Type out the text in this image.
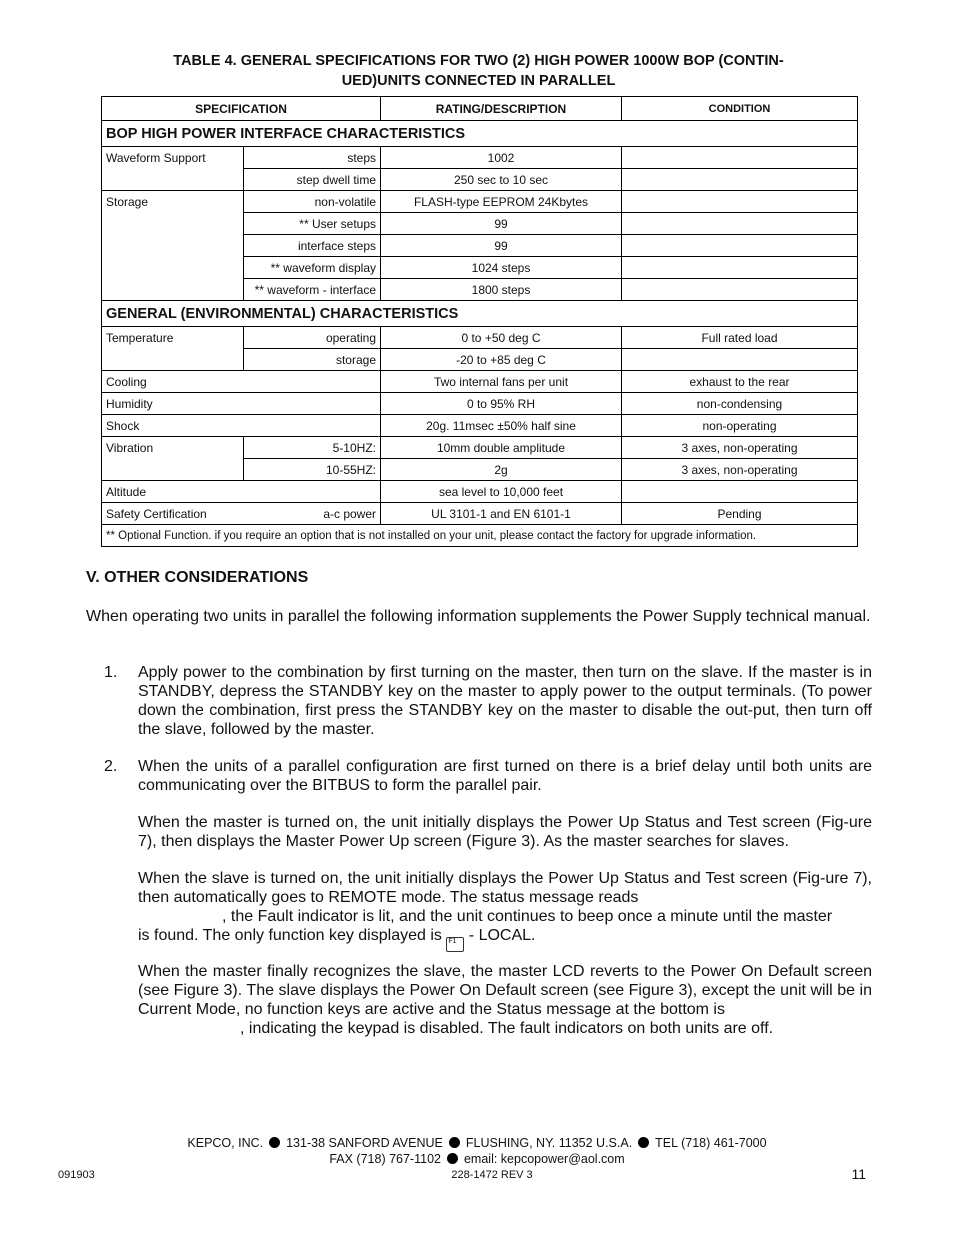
TABLE 4. GENERAL SPECIFICATIONS FOR TWO (2) HIGH POWER 1000W BOP (CONTIN-
UED)UNITS CONNECTED IN PARALLEL
SPECIFICATION		RATING/DESCRIPTION	CONDITION
BOP HIGH POWER INTERFACE CHARACTERISTICS			
Waveform Support	steps	1002	
	step dwell time	250 sec to 10 sec	
Storage	non-volatile	FLASH-type EEPROM 24Kbytes	
	** User setups	99	
	interface steps	99	
	** waveform display	1024 steps	
	** waveform - interface	1800 steps	
GENERAL (ENVIRONMENTAL) CHARACTERISTICS			
Temperature	operating	0 to +50 deg C	Full rated load
	storage	-20 to +85 deg C	
Cooling		Two internal fans per unit	exhaust to the rear
Humidity		0 to 95% RH	non-condensing
Shock		20g. 11msec ±50% half sine	non-operating
Vibration	5-10HZ:	10mm double amplitude	3 axes, non-operating
	10-55HZ:	2g	3 axes, non-operating
Altitude		sea level to 10,000 feet	
Safety Certification	a-c power	UL 3101-1 and EN 6101-1	Pending
** Optional Function. if you require an option that is not installed on your unit, please contact the factory for upgrade information.			
V. OTHER CONSIDERATIONS
When operating two units in parallel the following information supplements the Power Supply technical manual.
1. Apply power to the combination by first turning on the master, then turn on the slave. If the master is in STANDBY, depress the STANDBY key on the master to apply power to the output terminals. (To power down the combination, first press the STANDBY key on the master to disable the out-put, then turn off the slave, followed by the master.
2. When the units of a parallel configuration are first turned on there is a brief delay until both units are communicating over the BITBUS to form the parallel pair.
When the master is turned on, the unit initially displays the Power Up Status and Test screen (Fig-ure 7), then displays the Master Power Up screen (Figure 3). As the master searches for slaves.
When the slave is turned on, the unit initially displays the Power Up Status and Test screen (Fig-ure 7), then automatically goes to REMOTE mode. The status message reads
, the Fault indicator is lit, and the unit continues to beep once a minute until the master
is found. The only function key displayed is F1 - LOCAL.
When the master finally recognizes the slave, the master LCD reverts to the Power On Default screen (see Figure 3). The slave displays the Power On Default screen (see Figure 3), except the unit will be in Current Mode, no function keys are active and the Status message at the bottom is
, indicating the keypad is disabled. The fault indicators on both units are off.
KEPCO, INC. 131-38 SANFORD AVENUE FLUSHING, NY. 11352 U.S.A. TEL (718) 461-7000
FAX (718) 767-1102 email: kepcopower@aol.com
091903	228-1472 REV 3	11
